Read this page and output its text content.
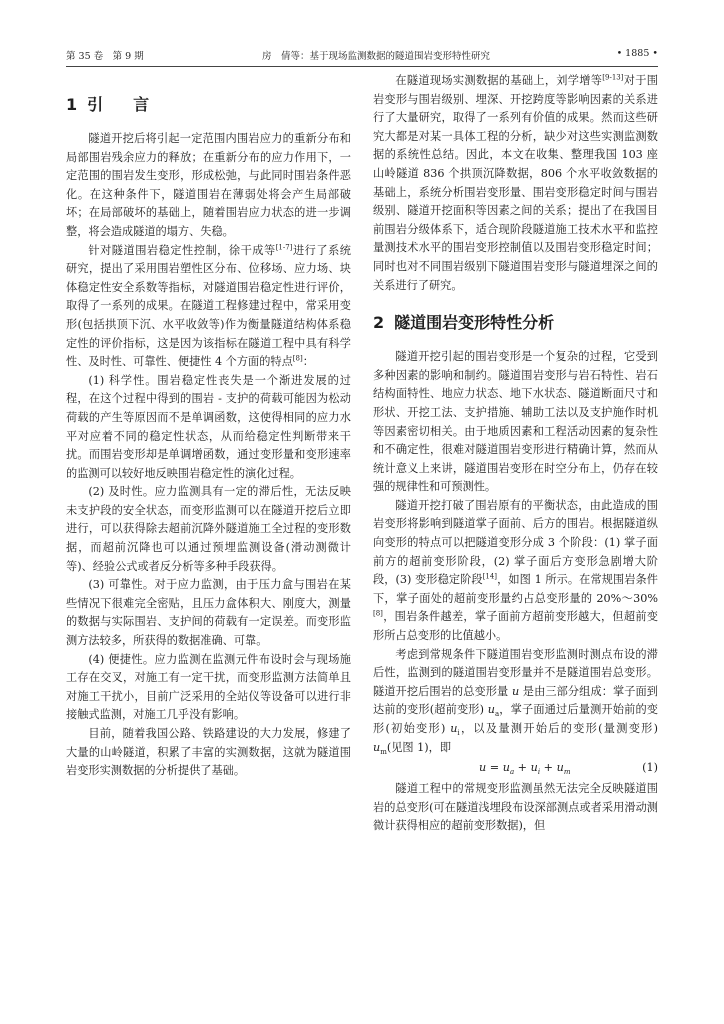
第 35 卷　第 9 期	房　倩等：基于现场监测数据的隧道围岩变形特性研究	• 1885 •
1 引　言

隧道开挖后将引起一定范围内围岩应力的重新分布和局部围岩残余应力的释放；在重新分布的应力作用下，一定范围的围岩发生变形，形成松弛，与此同时围岩条件恶化。在这种条件下，隧道围岩在薄弱处将会产生局部破坏；在局部破坏的基础上，随着围岩应力状态的进一步调整，将会造成隧道的塌方、失稳。

针对隧道围岩稳定性控制，徐干成等[1-7]进行了系统研究，提出了采用围岩塑性区分布、位移场、应力场、块体稳定性安全系数等指标，对隧道围岩稳定性进行评价，取得了一系列的成果。在隧道工程修建过程中，常采用变形(包括拱顶下沉、水平收敛等)作为衡量隧道结构体系稳定性的评价指标，这是因为该指标在隧道工程中具有科学性、及时性、可靠性、便捷性 4 个方面的特点[8]：

(1) 科学性。围岩稳定性丧失是一个渐进发展的过程，在这个过程中得到的围岩 - 支护的荷载可能因为松动荷载的产生等原因而不是单调函数，这使得相同的应力水平对应着不同的稳定性状态，从而给稳定性判断带来干扰。而围岩变形却是单调增函数，通过变形量和变形速率的监测可以较好地反映围岩稳定性的演化过程。

(2) 及时性。应力监测具有一定的滞后性，无法反映未支护段的安全状态，而变形监测可以在隧道开挖后立即进行，可以获得除去超前沉降外隧道施工全过程的变形数据，而超前沉降也可以通过预埋监测设备(滑动测微计等)、经验公式或者反分析等多种手段获得。

(3) 可靠性。对于应力监测，由于压力盒与围岩在某些情况下很难完全密贴，且压力盒体积大、刚度大，测量的数据与实际围岩、支护间的荷载有一定误差。而变形监测方法较多，所获得的数据准确、可靠。

(4) 便捷性。应力监测在监测元件布设时会与现场施工存在交叉，对施工有一定干扰，而变形监测方法简单且对施工干扰小，目前广泛采用的全站仪等设备可以进行非接触式监测，对施工几乎没有影响。

目前，随着我国公路、铁路建设的大力发展，修建了大量的山岭隧道，积累了丰富的实测数据，这就为隧道围岩变形实测数据的分析提供了基础。

在隧道现场实测数据的基础上，刘学增等[9-13]对于围岩变形与围岩级别、埋深、开挖跨度等影响因素的关系进行了大量研究，取得了一系列有价值的成果。然而这些研究大都是对某一具体工程的分析，缺少对这些实测监测数据的系统性总结。因此，本文在收集、整理我国 103 座山岭隧道 836 个拱顶沉降数据，806 个水平收敛数据的基础上，系统分析围岩变形量、围岩变形稳定时间与围岩级别、隧道开挖面积等因素之间的关系；提出了在我国目前围岩分级体系下，适合现阶段隧道施工技术水平和监控量测技术水平的围岩变形控制值以及围岩变形稳定时间；同时也对不同围岩级别下隧道围岩变形与隧道埋深之间的关系进行了研究。

2 隧道围岩变形特性分析

隧道开挖引起的围岩变形是一个复杂的过程，它受到多种因素的影响和制约。隧道围岩变形与岩石特性、岩石结构面特性、地应力状态、地下水状态、隧道断面尺寸和形状、开挖工法、支护措施、辅助工法以及支护施作时机等因素密切相关。由于地质因素和工程活动因素的复杂性和不确定性，很难对隧道围岩变形进行精确计算，然而从统计意义上来讲，隧道围岩变形在时空分布上，仍存在较强的规律性和可预测性。

隧道开挖打破了围岩原有的平衡状态，由此造成的围岩变形将影响到隧道掌子面前、后方的围岩。根据隧道纵向变形的特点可以把隧道变形分成 3 个阶段：(1) 掌子面前方的超前变形阶段，(2) 掌子面后方变形急剧增大阶段，(3) 变形稳定阶段[14]，如图 1 所示。在常规围岩条件下，掌子面处的超前变形量约占总变形量的 20%～30%[8]，围岩条件越差，掌子面前方超前变形越大，但超前变形所占总变形的比值越小。

考虑到常规条件下隧道围岩变形监测时测点布设的滞后性，监测到的隧道围岩变形量并不是隧道围岩总变形。隧道开挖后围岩的总变形量 u 是由三部分组成：掌子面到达前的变形(超前变形) $u_a$，掌子面通过后量测开始前的变形(初始变形) $u_i$，以及量测开始后的变形(量测变形) $u_m$(见图 1)，即

$u = u_a + u_i + u_m$	(1)

隧道工程中的常规变形监测虽然无法完全反映隧道围岩的总变形(可在隧道浅埋段布设深部测点或者采用滑动测微计获得相应的超前变形数据)，但
